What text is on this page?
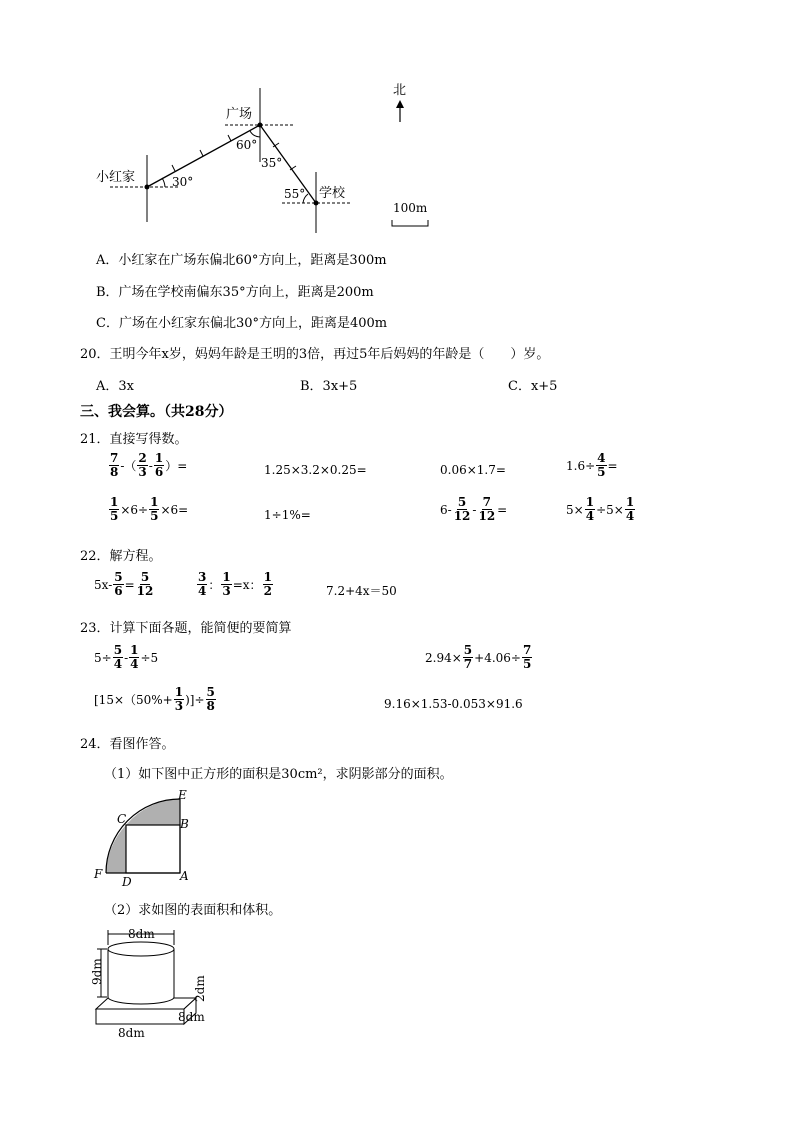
北
广场
小红家
学校
60°
30°
35°
55°
100m
A．小红家在广场东偏北60°方向上，距离是300m
B．广场在学校南偏东35°方向上，距离是200m
C．广场在小红家东偏北30°方向上，距离是400m
20．王明今年x岁，妈妈年龄是王明的3倍，再过5年后妈妈的年龄是（　　）岁。
A．3x	B．3x+5	C．x+5
三、我会算。（共28分）
21．直接写得数。
$\frac{7}{8}$ -（ $\frac{2}{3} - \frac{1}{6}$ ）=	1.25×3.2×0.25=	0.06×1.7=	$1.6\div \frac{4}{5}$ =
$\frac{1}{5} \times 6\div \frac{1}{5} \times 6=$	1÷1%=	$6- \frac{5}{12} - \frac{7}{12}$ =	$5\times \frac{1}{4} \div 5\times \frac{1}{4}$
22．解方程。
$5x- \frac{5}{6} = \frac{5}{12}$	$\frac{3}{4}$ ： $\frac{1}{3} =x$： $\frac{1}{2}$	7.2+4x＝50
23．计算下面各题，能简便的要简算
$5\div \frac{5}{4} - \frac{1}{4} \div 5$	$2.94\times \frac{5}{7} +4.06\div \frac{7}{5}$
[$15\times(50\%+ \frac{1}{3}$ )]÷ $\frac{5}{8}$	9.16×1.53-0.053×91.6
24．看图作答。
（1）如下图中正方形的面积是30cm²，求阴影部分的面积。
E
C	B
F
D	A
（2）求如图的表面积和体积。
8dm
9dm
2dm
8dm
8dm
